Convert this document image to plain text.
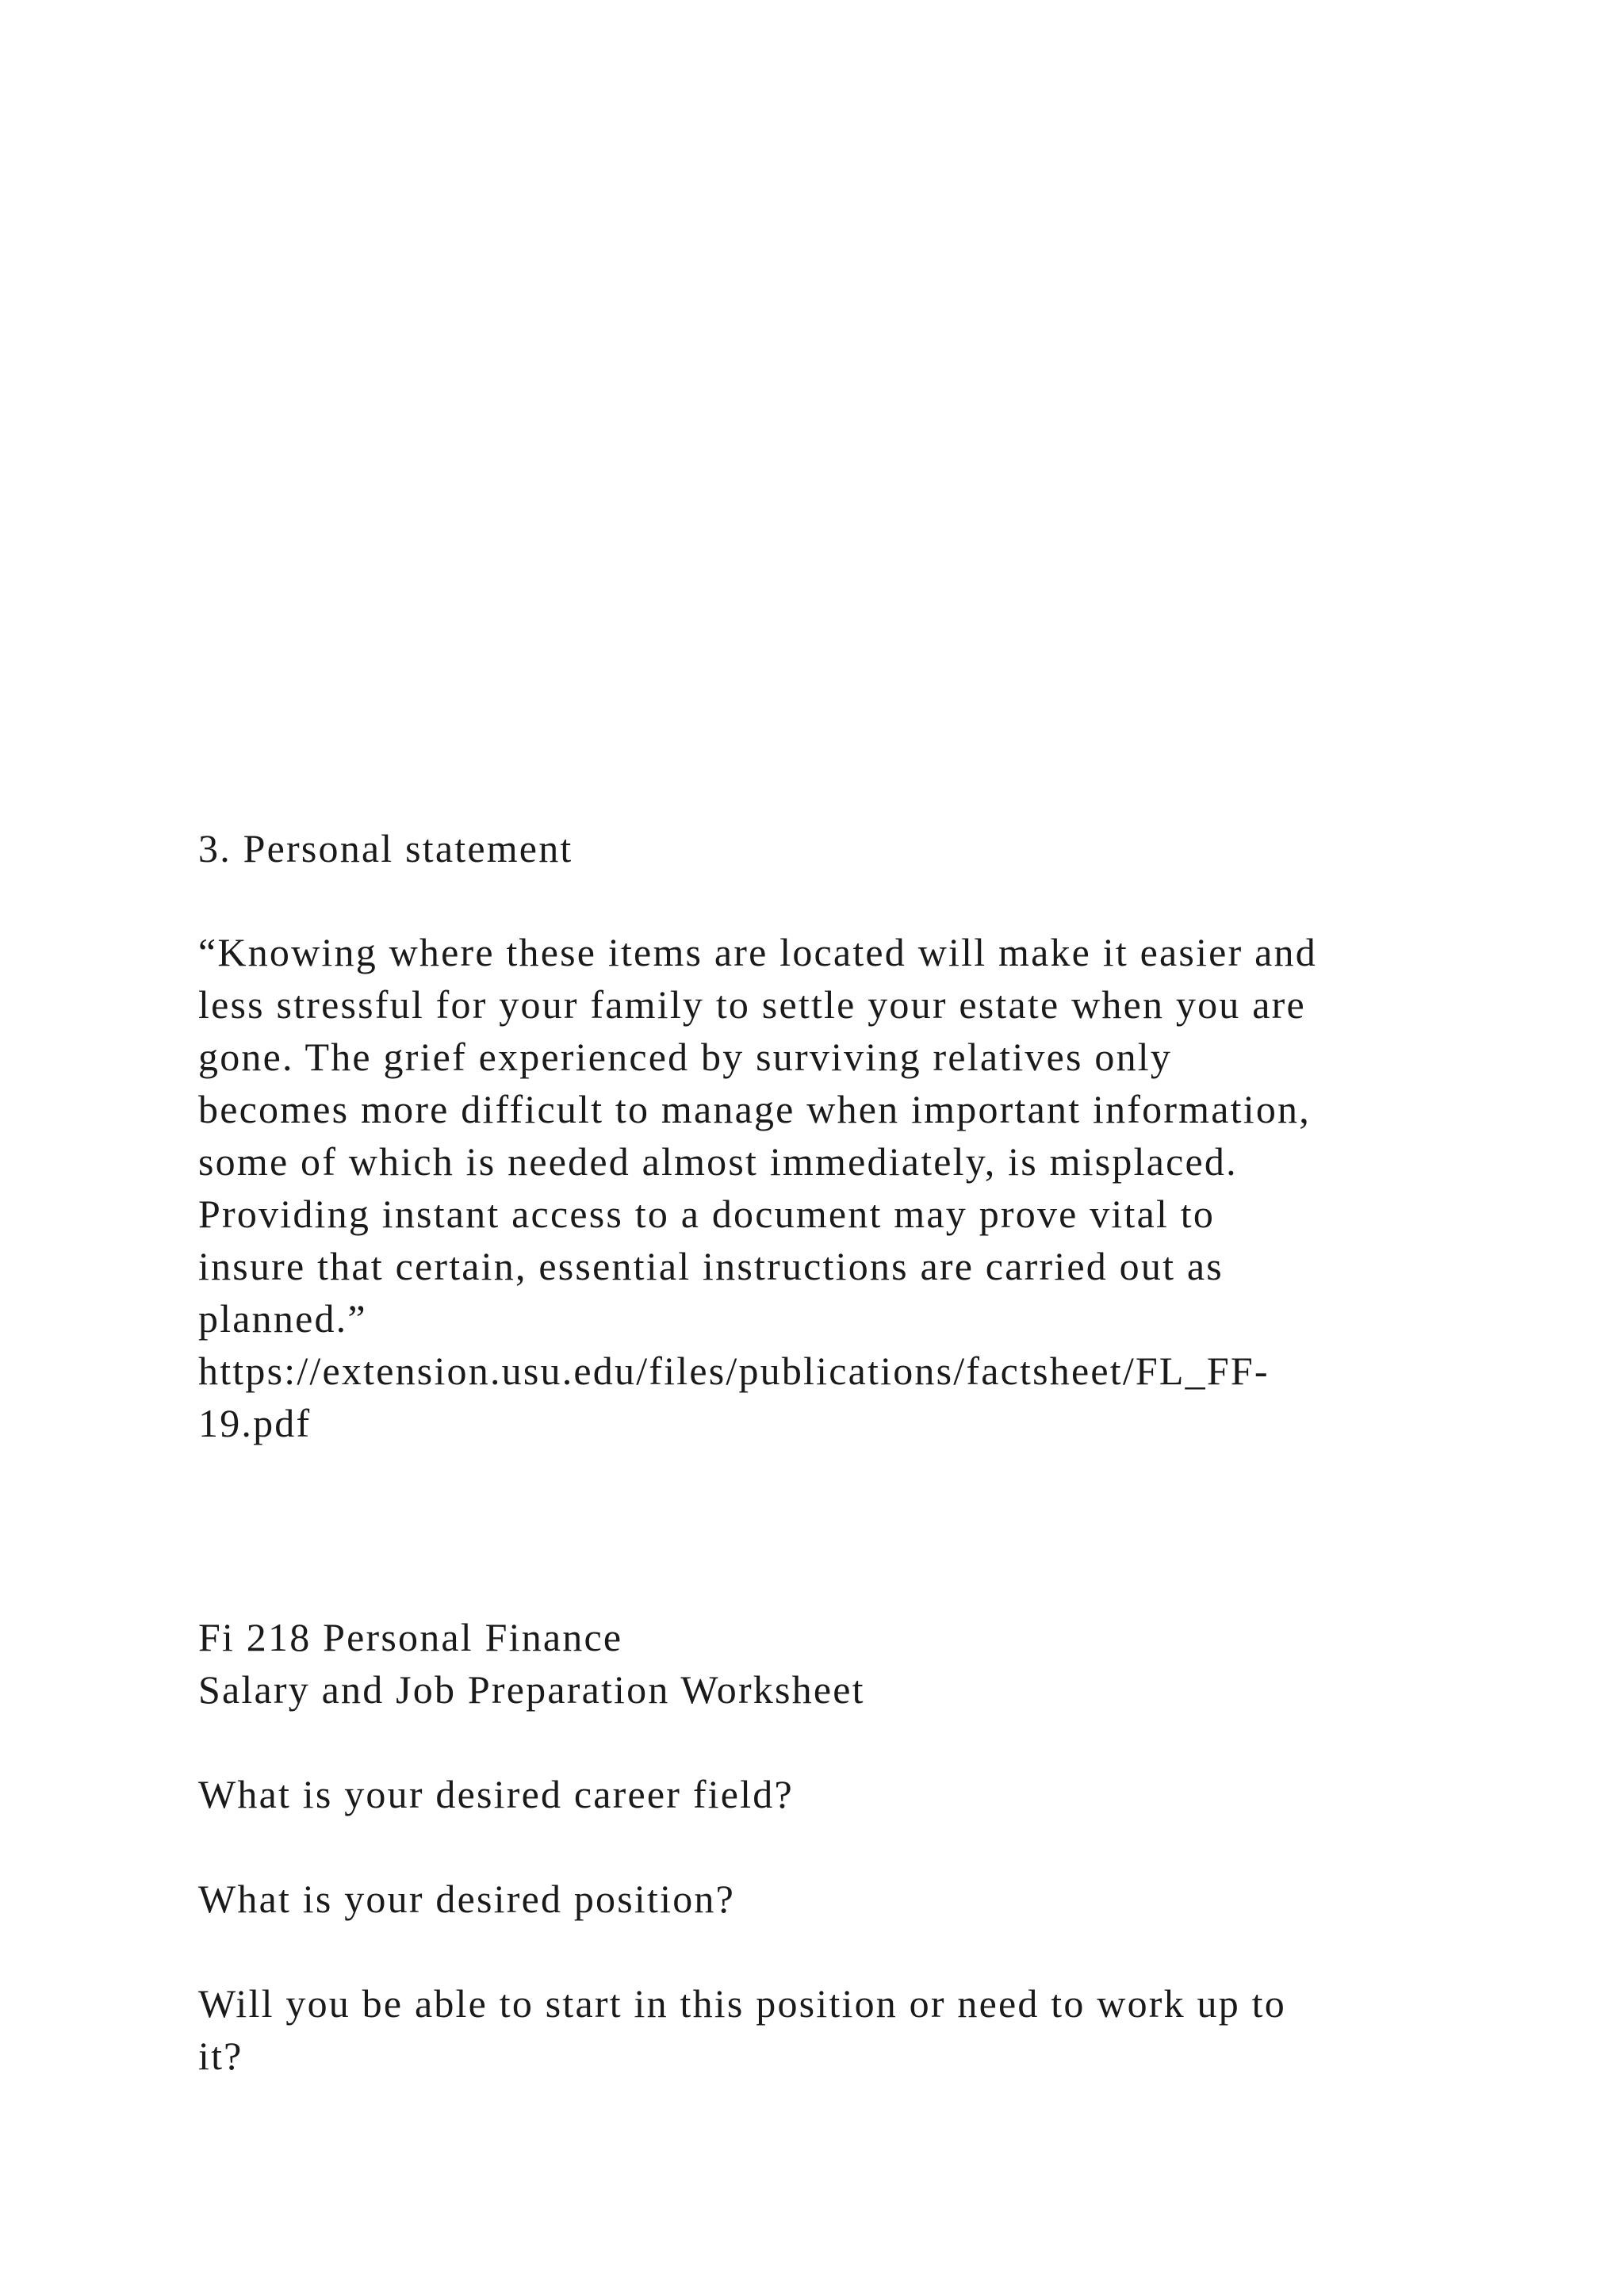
3. Personal statement
“Knowing where these items are located will make it easier and
less stressful for your family to settle your estate when you are
gone. The grief experienced by surviving relatives only
becomes more difficult to manage when important information,
some of which is needed almost immediately, is misplaced.
Providing instant access to a document may prove vital to
insure that certain, essential instructions are carried out as
planned.”
https://extension.usu.edu/files/publications/factsheet/FL_FF-
19.pdf
Fi 218 Personal Finance
Salary and Job Preparation Worksheet
What is your desired career field?
What is your desired position?
Will you be able to start in this position or need to work up to
it?
